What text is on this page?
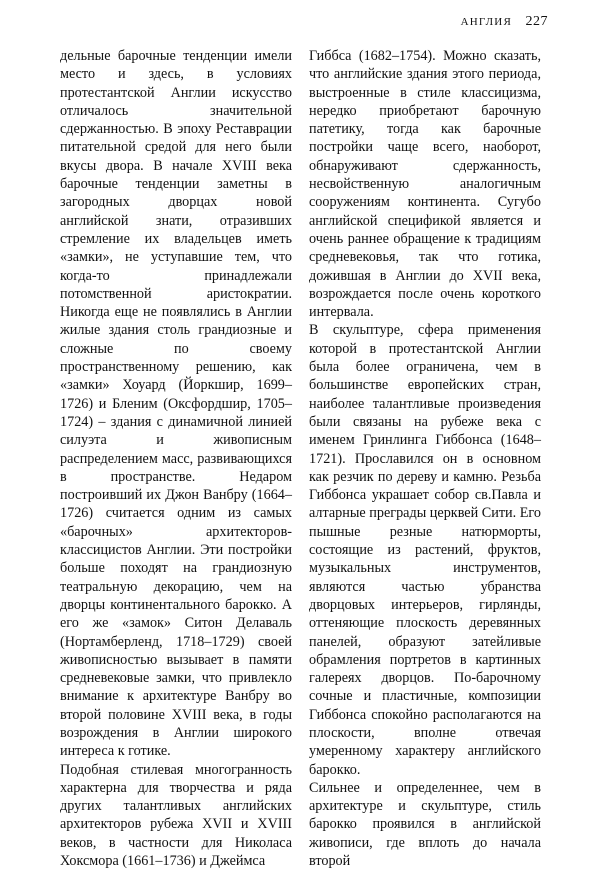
АНГЛИЯ 227

дельные барочные тенденции имели место и здесь, в условиях протестантской Англии искусство отличалось значительной сдержанностью. В эпоху Реставрации питательной средой для него были вкусы двора. В начале XVIII века барочные тенденции заметны в загородных дворцах новой английской знати, отразивших стремление их владельцев иметь «замки», не уступавшие тем, что когда-то принадлежали потомственной аристократии. Никогда еще не появлялись в Англии жилые здания столь грандиозные и сложные по своему пространственному решению, как «замки» Хоуард (Йоркшир, 1699–1726) и Бленим (Оксфордшир, 1705–1724) – здания с динамичной линией силуэта и живописным распределением масс, развивающихся в пространстве. Недаром построивший их Джон Ванбру (1664–1726) считается одним из самых «барочных» архитекторов-классицистов Англии. Эти постройки больше походят на грандиозную театральную декорацию, чем на дворцы континентального барокко. А его же «замок» Ситон Делаваль (Нортамберленд, 1718–1729) своей живописностью вызывает в памяти средневековые замки, что привлекло внимание к архитектуре Ванбру во второй половине XVIII века, в годы возрождения в Англии широкого интереса к готике.

Подобная стилевая многогранность характерна для творчества и ряда других талантливых английских архитекторов рубежа XVII и XVIII веков, в частности для Николаса Хоксмора (1661–1736) и Джеймса

Гиббса (1682–1754). Можно сказать, что английские здания этого периода, выстроенные в стиле классицизма, нередко приобретают барочную патетику, тогда как барочные постройки чаще всего, наоборот, обнаруживают сдержанность, несвойственную аналогичным сооружениям континента. Сугубо английской спецификой является и очень раннее обращение к традициям средневековья, так что готика, дожившая в Англии до XVII века, возрождается после очень короткого интервала.

В скульптуре, сфера применения которой в протестантской Англии была более ограничена, чем в большинстве европейских стран, наиболее талантливые произведения были связаны на рубеже века с именем Гринлинга Гиббонса (1648–1721). Прославился он в основном как резчик по дереву и камню. Резьба Гиббонса украшает собор св.Павла и алтарные преграды церквей Сити. Его пышные резные натюрморты, состоящие из растений, фруктов, музыкальных инструментов, являются частью убранства дворцовых интерьеров, гирлянды, оттеняющие плоскость деревянных панелей, образуют затейливые обрамления портретов в картинных галереях дворцов. По-барочному сочные и пластичные, композиции Гиббонса спокойно располагаются на плоскости, вполне отвечая умеренному характеру английского барокко.

Сильнее и определеннее, чем в архитектуре и скульптуре, стиль барокко проявился в английской живописи, где вплоть до начала второй
